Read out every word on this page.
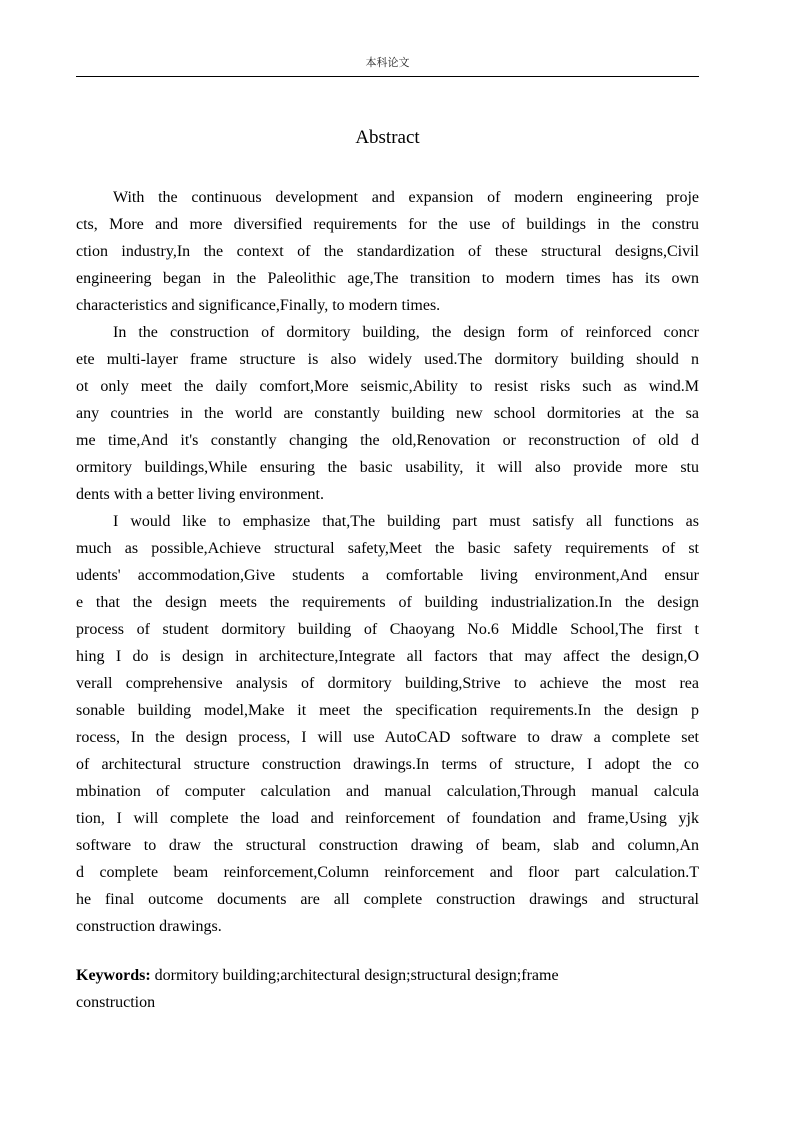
本科论文
Abstract
With the continuous development and expansion of modern engineering proje
cts, More and more diversified requirements for the use of buildings in the constru
ction industry,In the context of the standardization of these structural designs,Civil
engineering began in the Paleolithic age,The transition to modern times has its own
characteristics and significance,Finally, to modern times.
In the construction of dormitory building, the design form of reinforced concr
ete multi-layer frame structure is also widely used.The dormitory building should n
ot only meet the daily comfort,More seismic,Ability to resist risks such as wind.M
any countries in the world are constantly building new school dormitories at the sa
me time,And it's constantly changing the old,Renovation or reconstruction of old d
ormitory buildings,While ensuring the basic usability, it will also provide more stu
dents with a better living environment.
I would like to emphasize that,The building part must satisfy all functions as
much as possible,Achieve structural safety,Meet the basic safety requirements of st
udents' accommodation,Give students a comfortable living environment,And ensur
e that the design meets the requirements of building industrialization.In the design
process of student dormitory building of Chaoyang No.6 Middle School,The first t
hing I do is design in architecture,Integrate all factors that may affect the design,O
verall comprehensive analysis of dormitory building,Strive to achieve the most rea
sonable building model,Make it meet the specification requirements.In the design p
rocess, In the design process, I will use AutoCAD software to draw a complete set
of architectural structure construction drawings.In terms of structure, I adopt the co
mbination of computer calculation and manual calculation,Through manual calcula
tion, I will complete the load and reinforcement of foundation and frame,Using yjk
software to draw the structural construction drawing of beam, slab and column,An
d complete beam reinforcement,Column reinforcement and floor part calculation.T
he final outcome documents are all complete construction drawings and structural
construction drawings.
Keywords: dormitory building;architectural design;structural design;frame
construction
